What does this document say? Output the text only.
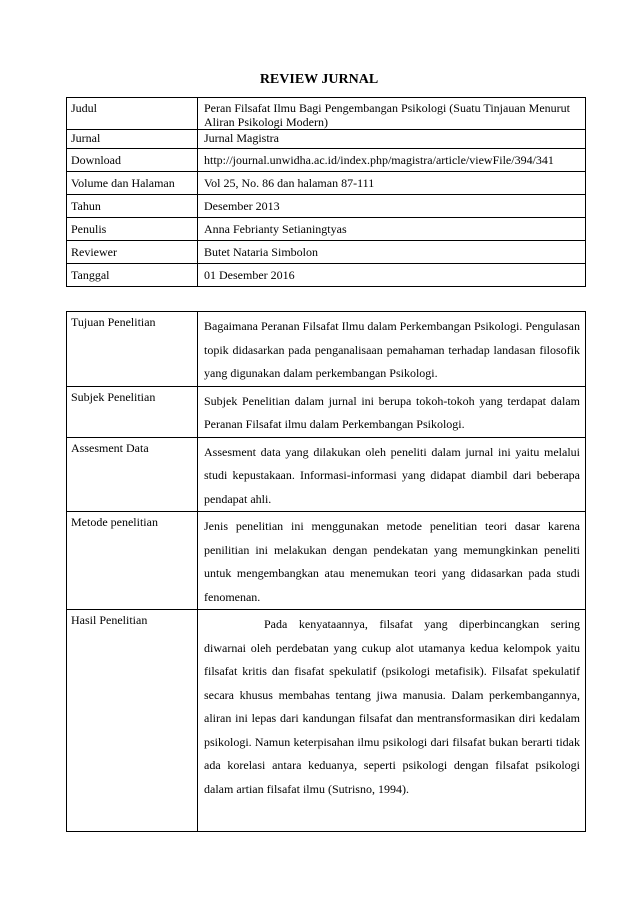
REVIEW JURNAL
Judul	Peran Filsafat Ilmu Bagi Pengembangan Psikologi (Suatu Tinjauan Menurut Aliran Psikologi Modern)
Jurnal	Jurnal Magistra
Download	http://journal.unwidha.ac.id/index.php/magistra/article/viewFile/394/341
Volume dan Halaman	Vol 25, No. 86 dan halaman 87-111
Tahun	Desember 2013
Penulis	Anna Febrianty Setianingtyas
Reviewer	Butet Nataria Simbolon
Tanggal	01 Desember 2016
Tujuan Penelitian	Bagaimana Peranan Filsafat Ilmu dalam Perkembangan Psikologi. Pengulasan topik didasarkan pada penganalisaan pemahaman terhadap landasan filosofik yang digunakan dalam perkembangan Psikologi.
Subjek Penelitian	Subjek Penelitian dalam jurnal ini berupa tokoh-tokoh yang terdapat dalam Peranan Filsafat ilmu dalam Perkembangan Psikologi.
Assesment Data	Assesment data yang dilakukan oleh peneliti dalam jurnal ini yaitu melalui studi kepustakaan. Informasi-informasi yang didapat diambil dari beberapa pendapat ahli.
Metode penelitian	Jenis penelitian ini menggunakan metode penelitian teori dasar karena penilitian ini melakukan dengan pendekatan yang memungkinkan peneliti untuk mengembangkan atau menemukan teori yang didasarkan pada studi fenomenan.
Hasil Penelitian	Pada kenyataannya, filsafat yang diperbincangkan sering diwarnai oleh perdebatan yang cukup alot utamanya kedua kelompok yaitu filsafat kritis dan fisafat spekulatif (psikologi metafisik). Filsafat spekulatif secara khusus membahas tentang jiwa manusia. Dalam perkembangannya, aliran ini lepas dari kandungan filsafat dan mentransformasikan diri kedalam psikologi. Namun keterpisahan ilmu psikologi dari filsafat bukan berarti tidak ada korelasi antara keduanya, seperti psikologi dengan filsafat psikologi dalam artian filsafat ilmu (Sutrisno, 1994).
